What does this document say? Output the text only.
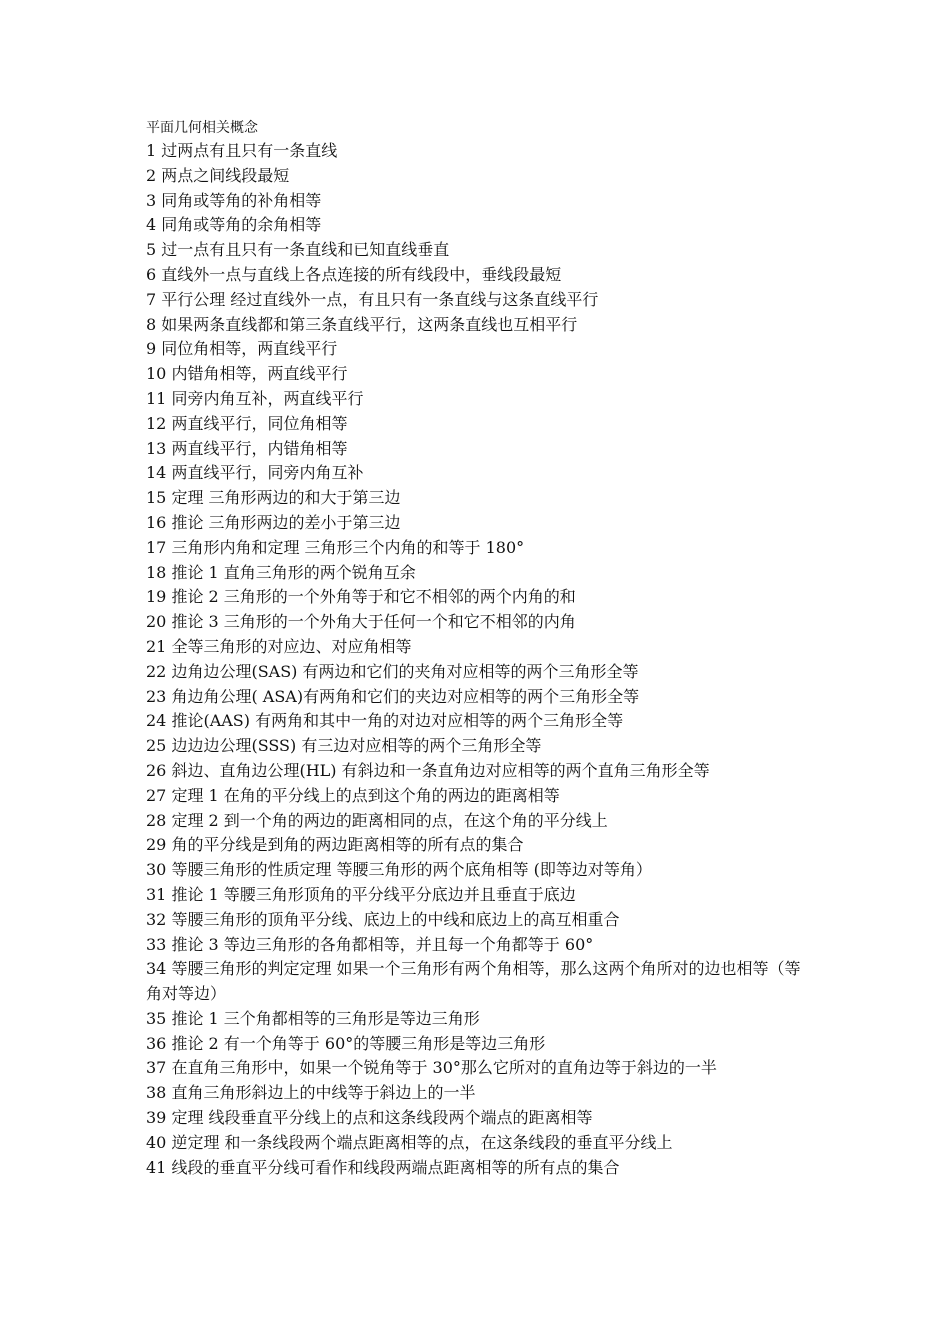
平面几何相关概念
1 过两点有且只有一条直线
2 两点之间线段最短
3 同角或等角的补角相等
4 同角或等角的余角相等
5 过一点有且只有一条直线和已知直线垂直
6 直线外一点与直线上各点连接的所有线段中，垂线段最短
7 平行公理 经过直线外一点，有且只有一条直线与这条直线平行
8 如果两条直线都和第三条直线平行，这两条直线也互相平行
9 同位角相等，两直线平行
10 内错角相等，两直线平行
11 同旁内角互补，两直线平行
12 两直线平行，同位角相等
13 两直线平行，内错角相等
14 两直线平行，同旁内角互补
15 定理 三角形两边的和大于第三边
16 推论 三角形两边的差小于第三边
17 三角形内角和定理 三角形三个内角的和等于 180°
18 推论 1 直角三角形的两个锐角互余
19 推论 2 三角形的一个外角等于和它不相邻的两个内角的和
20 推论 3 三角形的一个外角大于任何一个和它不相邻的内角
21 全等三角形的对应边、对应角相等
22 边角边公理(SAS) 有两边和它们的夹角对应相等的两个三角形全等
23 角边角公理( ASA)有两角和它们的夹边对应相等的两个三角形全等
24 推论(AAS) 有两角和其中一角的对边对应相等的两个三角形全等
25 边边边公理(SSS) 有三边对应相等的两个三角形全等
26 斜边、直角边公理(HL) 有斜边和一条直角边对应相等的两个直角三角形全等
27 定理 1 在角的平分线上的点到这个角的两边的距离相等
28 定理 2 到一个角的两边的距离相同的点，在这个角的平分线上
29 角的平分线是到角的两边距离相等的所有点的集合
30 等腰三角形的性质定理 等腰三角形的两个底角相等 (即等边对等角）
31 推论 1 等腰三角形顶角的平分线平分底边并且垂直于底边
32 等腰三角形的顶角平分线、底边上的中线和底边上的高互相重合
33 推论 3 等边三角形的各角都相等，并且每一个角都等于 60°
34 等腰三角形的判定定理 如果一个三角形有两个角相等，那么这两个角所对的边也相等（等角对等边）
35 推论 1 三个角都相等的三角形是等边三角形
36 推论 2 有一个角等于 60°的等腰三角形是等边三角形
37 在直角三角形中，如果一个锐角等于 30°那么它所对的直角边等于斜边的一半
38 直角三角形斜边上的中线等于斜边上的一半
39 定理 线段垂直平分线上的点和这条线段两个端点的距离相等
40 逆定理 和一条线段两个端点距离相等的点，在这条线段的垂直平分线上
41 线段的垂直平分线可看作和线段两端点距离相等的所有点的集合
